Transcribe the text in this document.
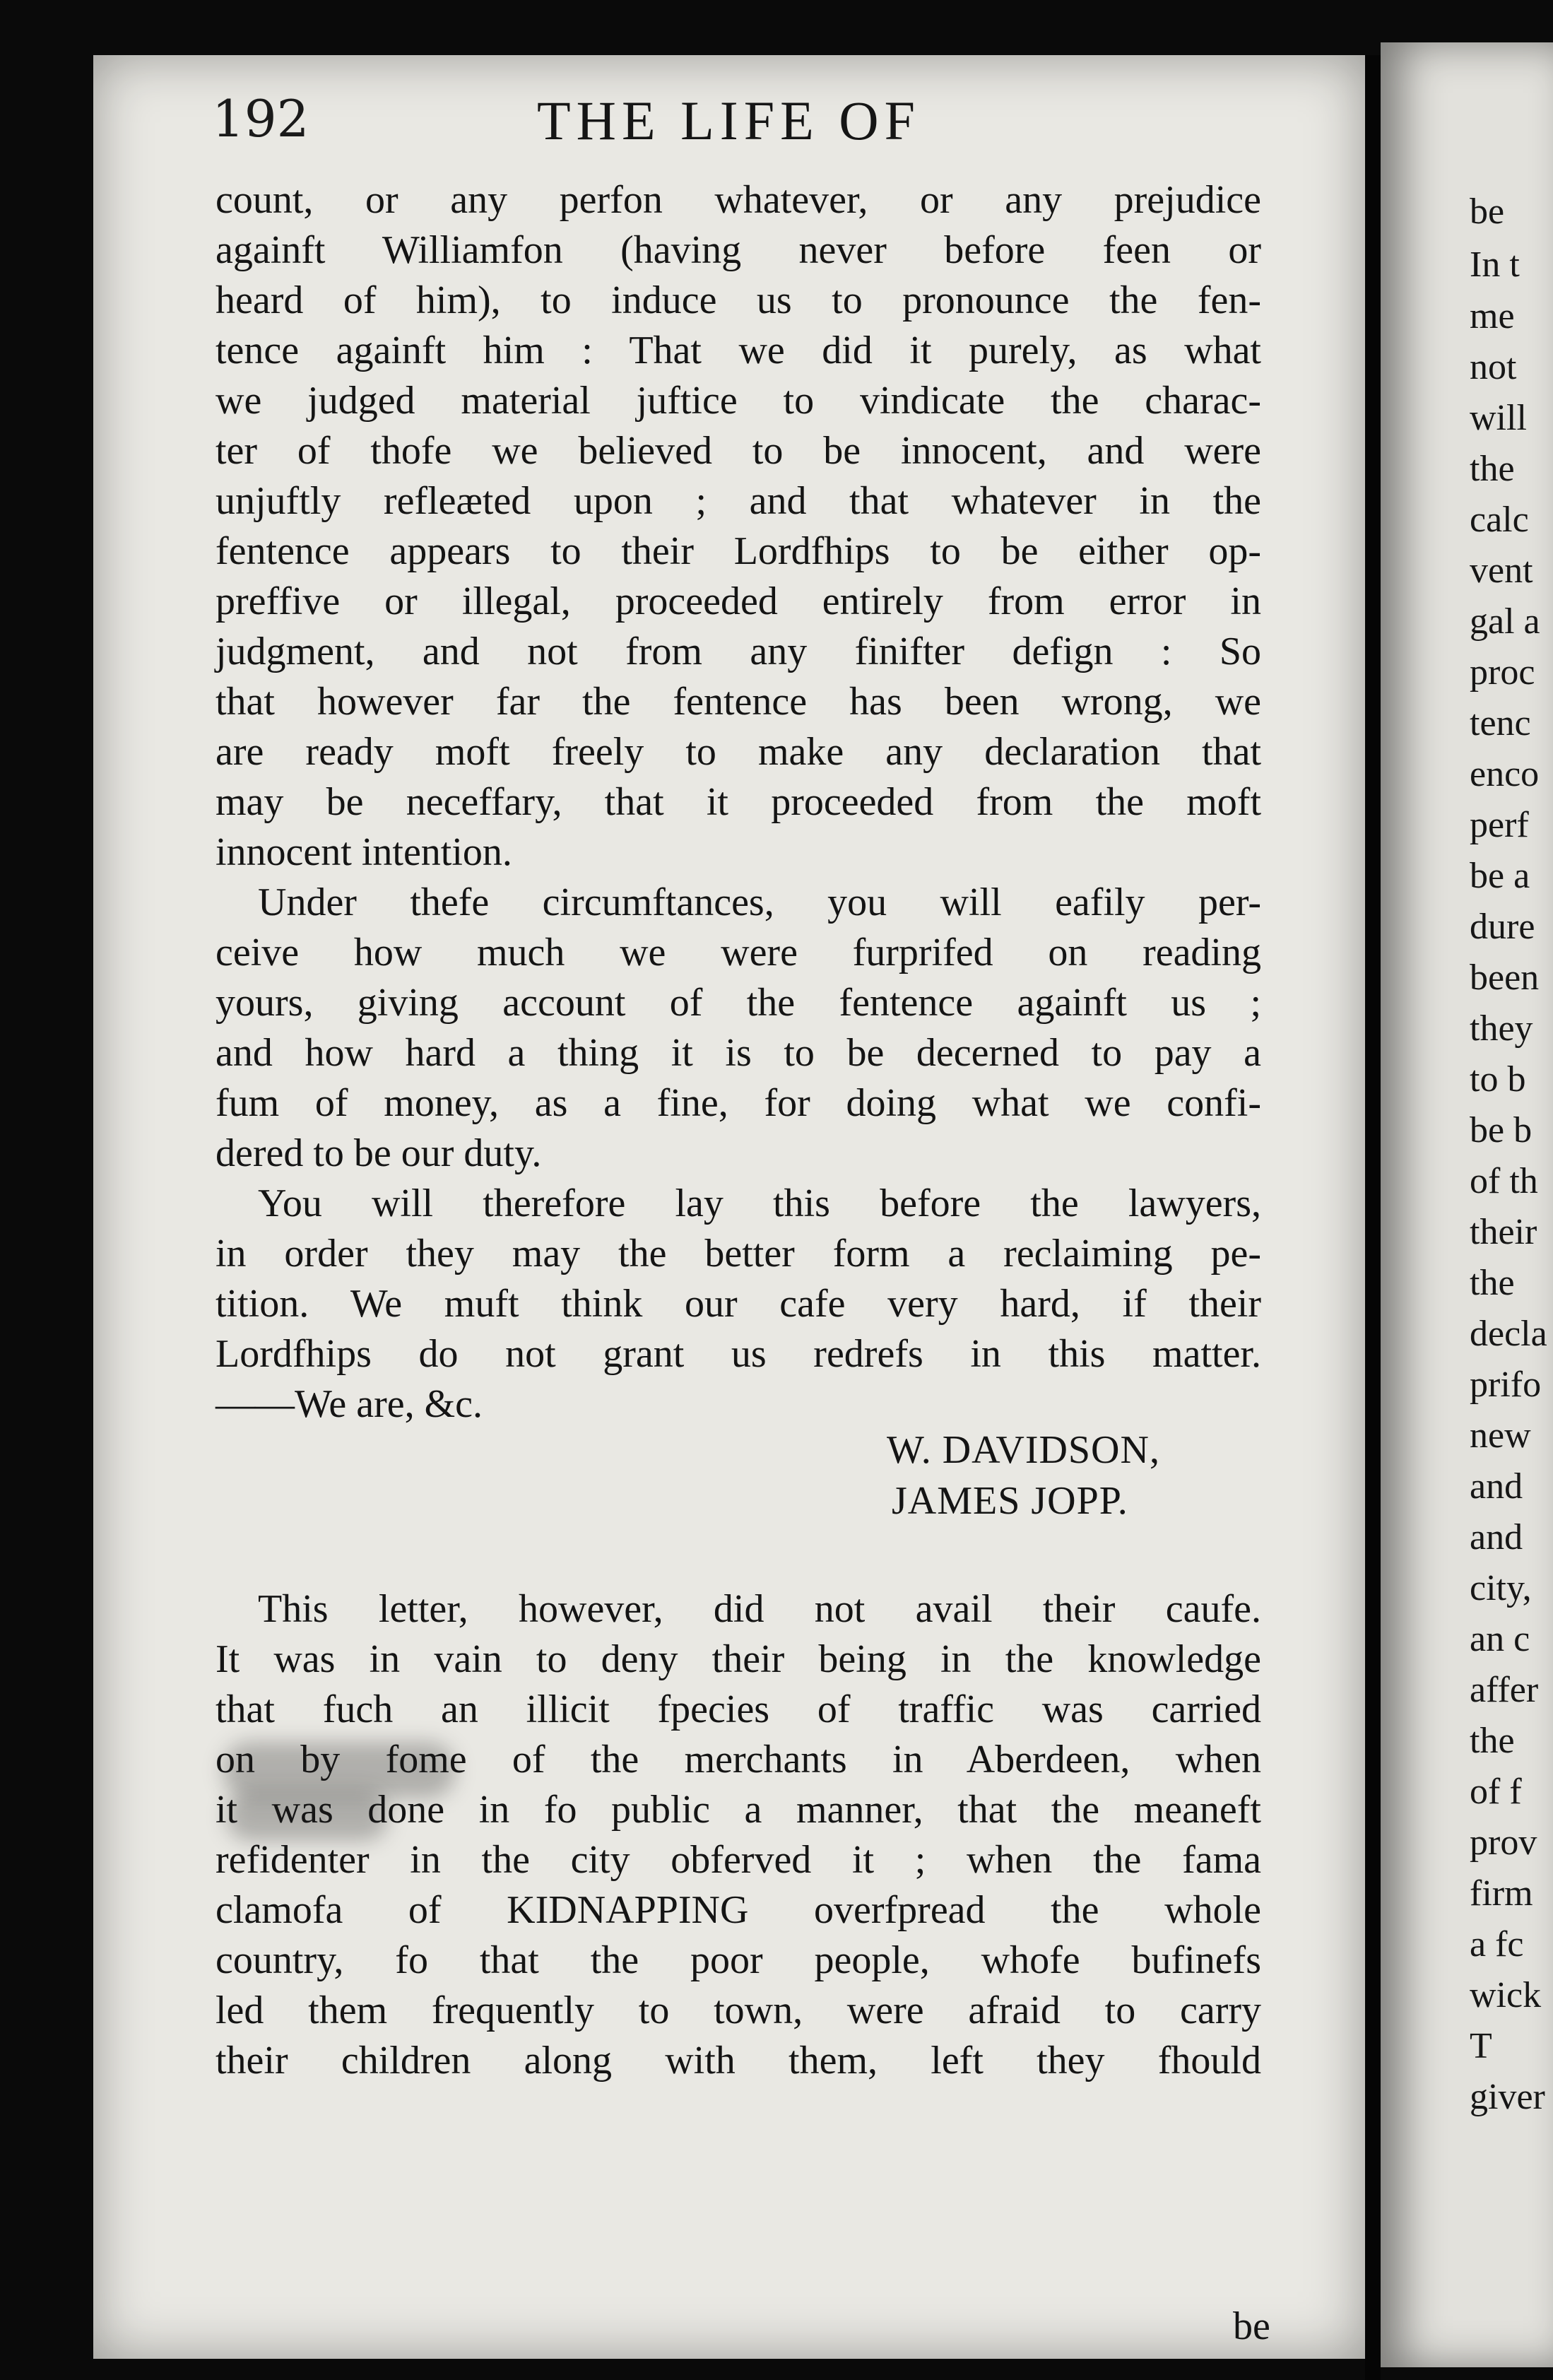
192	THE LIFE OF
count, or any perfon whatever, or any prejudice
againft Williamfon (having never before feen or
heard of him), to induce us to pronounce the fen-
tence againft him : That we did it purely, as what
we judged material juftice to vindicate the charac-
ter of thofe we believed to be innocent, and were
unjuftly refleæted upon ; and that whatever in the
fentence appears to their Lordfhips to be either op-
preffive or illegal, proceeded entirely from error in
judgment, and not from any finifter defign : So
that however far the fentence has been wrong, we
are ready moft freely to make any declaration that
may be neceffary, that it proceeded from the moft
innocent intention.
Under thefe circumftances, you will eafily per-
ceive how much we were furprifed on reading
yours, giving account of the fentence againft us ;
and how hard a thing it is to be decerned to pay a
fum of money, as a fine, for doing what we confi-
dered to be our duty.
You will therefore lay this before the lawyers,
in order they may the better form a reclaiming pe-
tition. We muft think our cafe very hard, if their
Lordfhips do not grant us redrefs in this matter.
——We are, &c.
W. DAVIDSON,
JAMES JOPP.
This letter, however, did not avail their caufe.
It was in vain to deny their being in the knowledge
that fuch an illicit fpecies of traffic was carried
on by fome of the merchants in Aberdeen, when
it was done in fo public a manner, that the meaneft
refidenter in the city obferved it ; when the fama
clamofa of KIDNAPPING overfpread the whole
country, fo that the poor people, whofe bufinefs
led them frequently to town, were afraid to carry
their children along with them, left they fhould
be
be
In t
me
not
will
the
calc
vent
gal a
proc
tenc
enco
perf
be a
dure
been
they
to b
be b
of th
their
the
decla
prifo
new
and
and
city,
an c
affer
the
of f
prov
firm
a fc
wick
T
giver
